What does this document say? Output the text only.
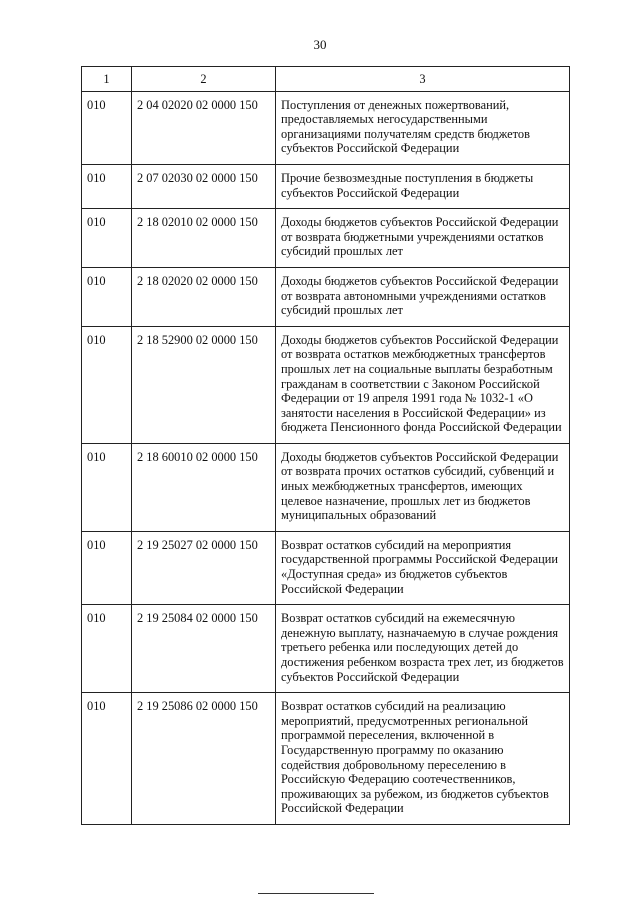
30
1	2	3
010	2 04 02020 02 0000 150	Поступления от денежных пожертвований, предоставляемых негосударственными организациями получателям средств бюджетов субъектов Российской Федерации
010	2 07 02030 02 0000 150	Прочие безвозмездные поступления в бюджеты субъектов Российской Федерации
010	2 18 02010 02 0000 150	Доходы бюджетов субъектов Российской Федерации от возврата бюджетными учреждениями остатков субсидий прошлых лет
010	2 18 02020 02 0000 150	Доходы бюджетов субъектов Российской Федерации от возврата автономными учреждениями остатков субсидий прошлых лет
010	2 18 52900 02 0000 150	Доходы бюджетов субъектов Российской Федерации от возврата остатков межбюджетных трансфертов прошлых лет на социальные выплаты безработным гражданам в соответствии с Законом Российской Федерации от 19 апреля 1991 года № 1032-1 «О занятости населения в Российской Федерации» из бюджета Пенсионного фонда Российской Федерации
010	2 18 60010 02 0000 150	Доходы бюджетов субъектов Российской Федерации от возврата прочих остатков субсидий, субвенций и иных межбюджетных трансфертов, имеющих целевое назначение, прошлых лет из бюджетов муниципальных образований
010	2 19 25027 02 0000 150	Возврат остатков субсидий на мероприятия государственной программы Российской Федерации «Доступная среда» из бюджетов субъектов Российской Федерации
010	2 19 25084 02 0000 150	Возврат остатков субсидий на ежемесячную денежную выплату, назначаемую в случае рождения третьего ребенка или последующих детей до достижения ребенком возраста трех лет, из бюджетов субъектов Российской Федерации
010	2 19 25086 02 0000 150	Возврат остатков субсидий на реализацию мероприятий, предусмотренных региональной программой переселения, включенной в Государственную программу по оказанию содействия добровольному переселению в Российскую Федерацию соотечественников, проживающих за рубежом, из бюджетов субъектов Российской Федерации
